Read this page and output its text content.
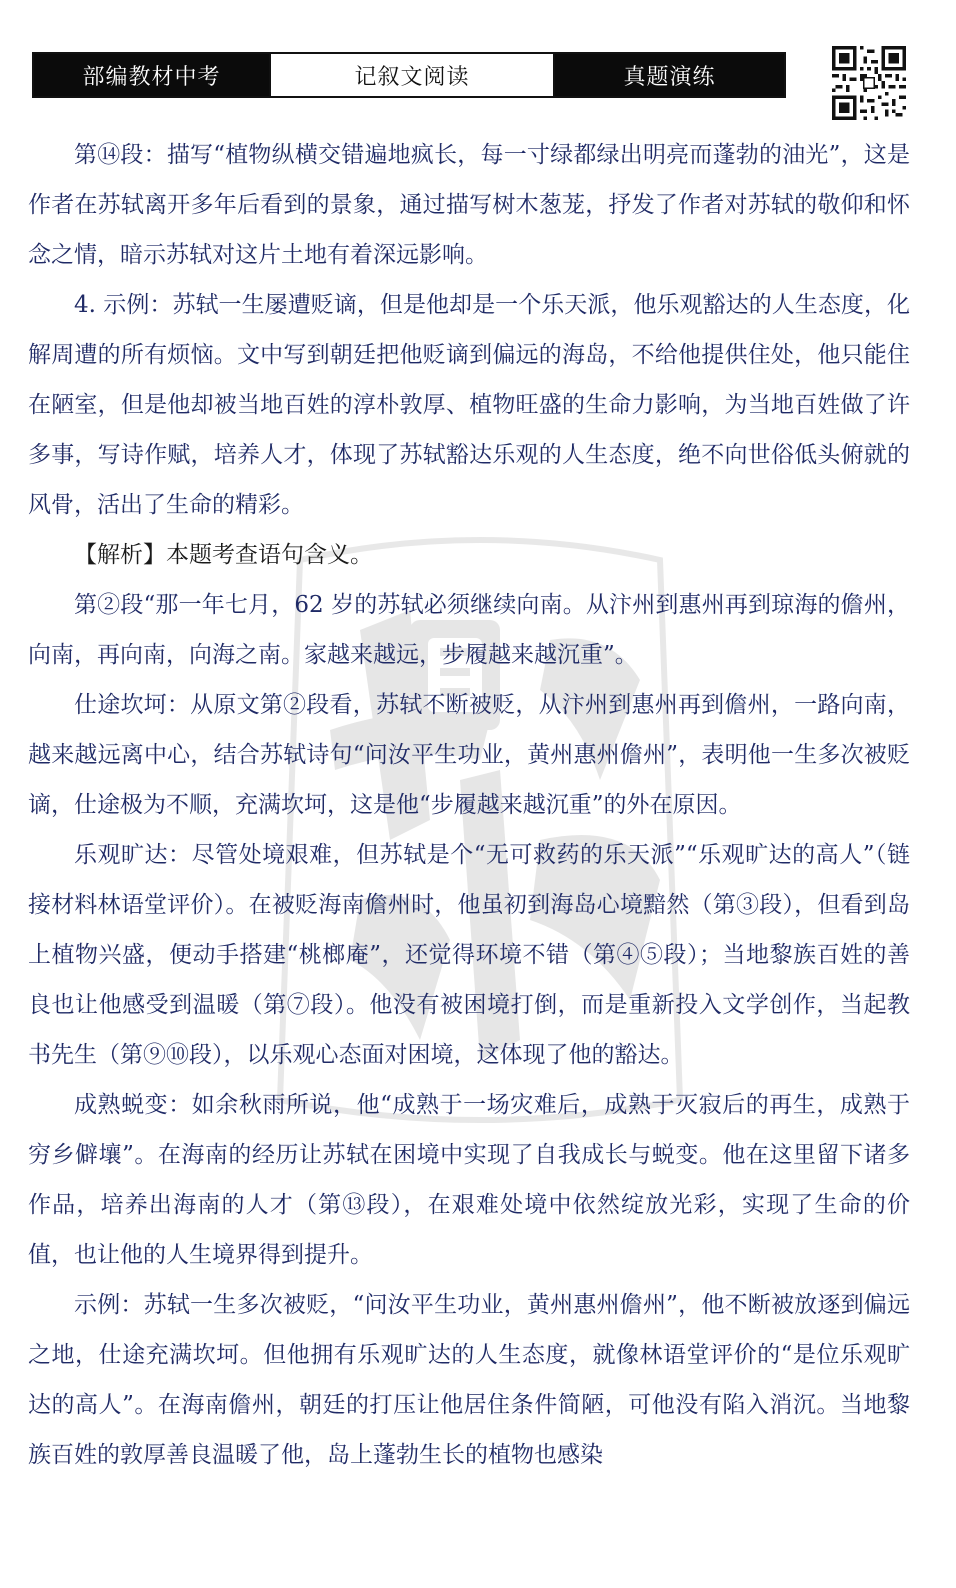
部编教材中考	记叙文阅读	真题演练

第⑭段：描写“植物纵横交错遍地疯长，每一寸绿都绿出明亮而蓬勃的油光”，这是作者在苏轼离开多年后看到的景象，通过描写树木葱茏，抒发了作者对苏轼的敬仰和怀念之情，暗示苏轼对这片土地有着深远影响。

4. 示例：苏轼一生屡遭贬谪，但是他却是一个乐天派，他乐观豁达的人生态度，化解周遭的所有烦恼。文中写到朝廷把他贬谪到偏远的海岛，不给他提供住处，他只能住在陋室，但是他却被当地百姓的淳朴敦厚、植物旺盛的生命力影响，为当地百姓做了许多事，写诗作赋，培养人才，体现了苏轼豁达乐观的人生态度，绝不向世俗低头俯就的风骨，活出了生命的精彩。

【解析】本题考查语句含义。

第②段“那一年七月，62 岁的苏轼必须继续向南。从汴州到惠州再到琼海的儋州，向南，再向南，向海之南。家越来越远，步履越来越沉重”。

仕途坎坷：从原文第②段看，苏轼不断被贬，从汴州到惠州再到儋州，一路向南，越来越远离中心，结合苏轼诗句“问汝平生功业，黄州惠州儋州”，表明他一生多次被贬谪，仕途极为不顺，充满坎坷，这是他“步履越来越沉重”的外在原因。

乐观旷达：尽管处境艰难，但苏轼是个“无可救药的乐天派”“乐观旷达的高人”（链接材料林语堂评价）。在被贬海南儋州时，他虽初到海岛心境黯然（第③段），但看到岛上植物兴盛，便动手搭建“桃榔庵”，还觉得环境不错（第④⑤段）；当地黎族百姓的善良也让他感受到温暖（第⑦段）。他没有被困境打倒，而是重新投入文学创作，当起教书先生（第⑨⑩段），以乐观心态面对困境，这体现了他的豁达。

成熟蜕变：如余秋雨所说，他“成熟于一场灾难后，成熟于灭寂后的再生，成熟于穷乡僻壤”。在海南的经历让苏轼在困境中实现了自我成长与蜕变。他在这里留下诸多作品，培养出海南的人才（第⑬段），在艰难处境中依然绽放光彩，实现了生命的价值，也让他的人生境界得到提升。

示例：苏轼一生多次被贬，“问汝平生功业，黄州惠州儋州”，他不断被放逐到偏远之地，仕途充满坎坷。但他拥有乐观旷达的人生态度，就像林语堂评价的“是位乐观旷达的高人”。在海南儋州，朝廷的打压让他居住条件简陋，可他没有陷入消沉。当地黎族百姓的敦厚善良温暖了他，岛上蓬勃生长的植物也感染
